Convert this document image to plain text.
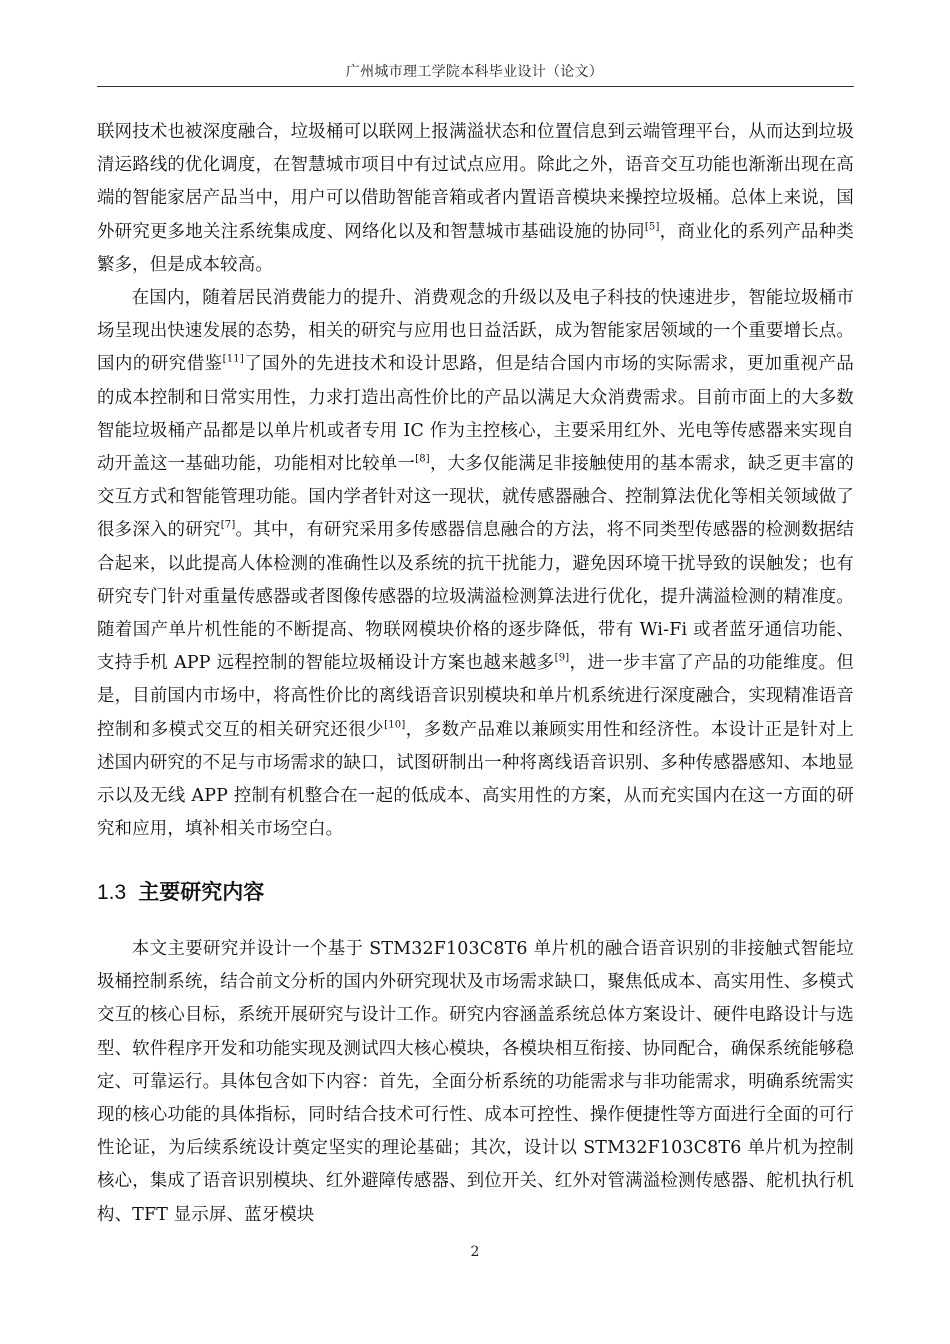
广州城市理工学院本科毕业设计（论文）

联网技术也被深度融合，垃圾桶可以联网上报满溢状态和位置信息到云端管理平台，从而达到垃圾清运路线的优化调度，在智慧城市项目中有过试点应用。除此之外，语音交互功能也渐渐出现在高端的智能家居产品当中，用户可以借助智能音箱或者内置语音模块来操控垃圾桶。总体上来说，国外研究更多地关注系统集成度、网络化以及和智慧城市基础设施的协同[5]，商业化的系列产品种类繁多，但是成本较高。

在国内，随着居民消费能力的提升、消费观念的升级以及电子科技的快速进步，智能垃圾桶市场呈现出快速发展的态势，相关的研究与应用也日益活跃，成为智能家居领域的一个重要增长点。国内的研究借鉴[11]了国外的先进技术和设计思路，但是结合国内市场的实际需求，更加重视产品的成本控制和日常实用性，力求打造出高性价比的产品以满足大众消费需求。目前市面上的大多数智能垃圾桶产品都是以单片机或者专用 IC 作为主控核心，主要采用红外、光电等传感器来实现自动开盖这一基础功能，功能相对比较单一[8]，大多仅能满足非接触使用的基本需求，缺乏更丰富的交互方式和智能管理功能。国内学者针对这一现状，就传感器融合、控制算法优化等相关领域做了很多深入的研究[7]。其中，有研究采用多传感器信息融合的方法，将不同类型传感器的检测数据结合起来，以此提高人体检测的准确性以及系统的抗干扰能力，避免因环境干扰导致的误触发；也有研究专门针对重量传感器或者图像传感器的垃圾满溢检测算法进行优化，提升满溢检测的精准度。随着国产单片机性能的不断提高、物联网模块价格的逐步降低，带有 Wi-Fi 或者蓝牙通信功能、支持手机 APP 远程控制的智能垃圾桶设计方案也越来越多[9]，进一步丰富了产品的功能维度。但是，目前国内市场中，将高性价比的离线语音识别模块和单片机系统进行深度融合，实现精准语音控制和多模式交互的相关研究还很少[10]，多数产品难以兼顾实用性和经济性。本设计正是针对上述国内研究的不足与市场需求的缺口，试图研制出一种将离线语音识别、多种传感器感知、本地显示以及无线 APP 控制有机整合在一起的低成本、高实用性的方案，从而充实国内在这一方面的研究和应用，填补相关市场空白。

1.3 主要研究内容

本文主要研究并设计一个基于 STM32F103C8T6 单片机的融合语音识别的非接触式智能垃圾桶控制系统，结合前文分析的国内外研究现状及市场需求缺口，聚焦低成本、高实用性、多模式交互的核心目标，系统开展研究与设计工作。研究内容涵盖系统总体方案设计、硬件电路设计与选型、软件程序开发和功能实现及测试四大核心模块，各模块相互衔接、协同配合，确保系统能够稳定、可靠运行。具体包含如下内容：首先，全面分析系统的功能需求与非功能需求，明确系统需实现的核心功能的具体指标，同时结合技术可行性、成本可控性、操作便捷性等方面进行全面的可行性论证，为后续系统设计奠定坚实的理论基础；其次，设计以 STM32F103C8T6 单片机为控制核心，集成了语音识别模块、红外避障传感器、到位开关、红外对管满溢检测传感器、舵机执行机构、TFT 显示屏、蓝牙模块

2
